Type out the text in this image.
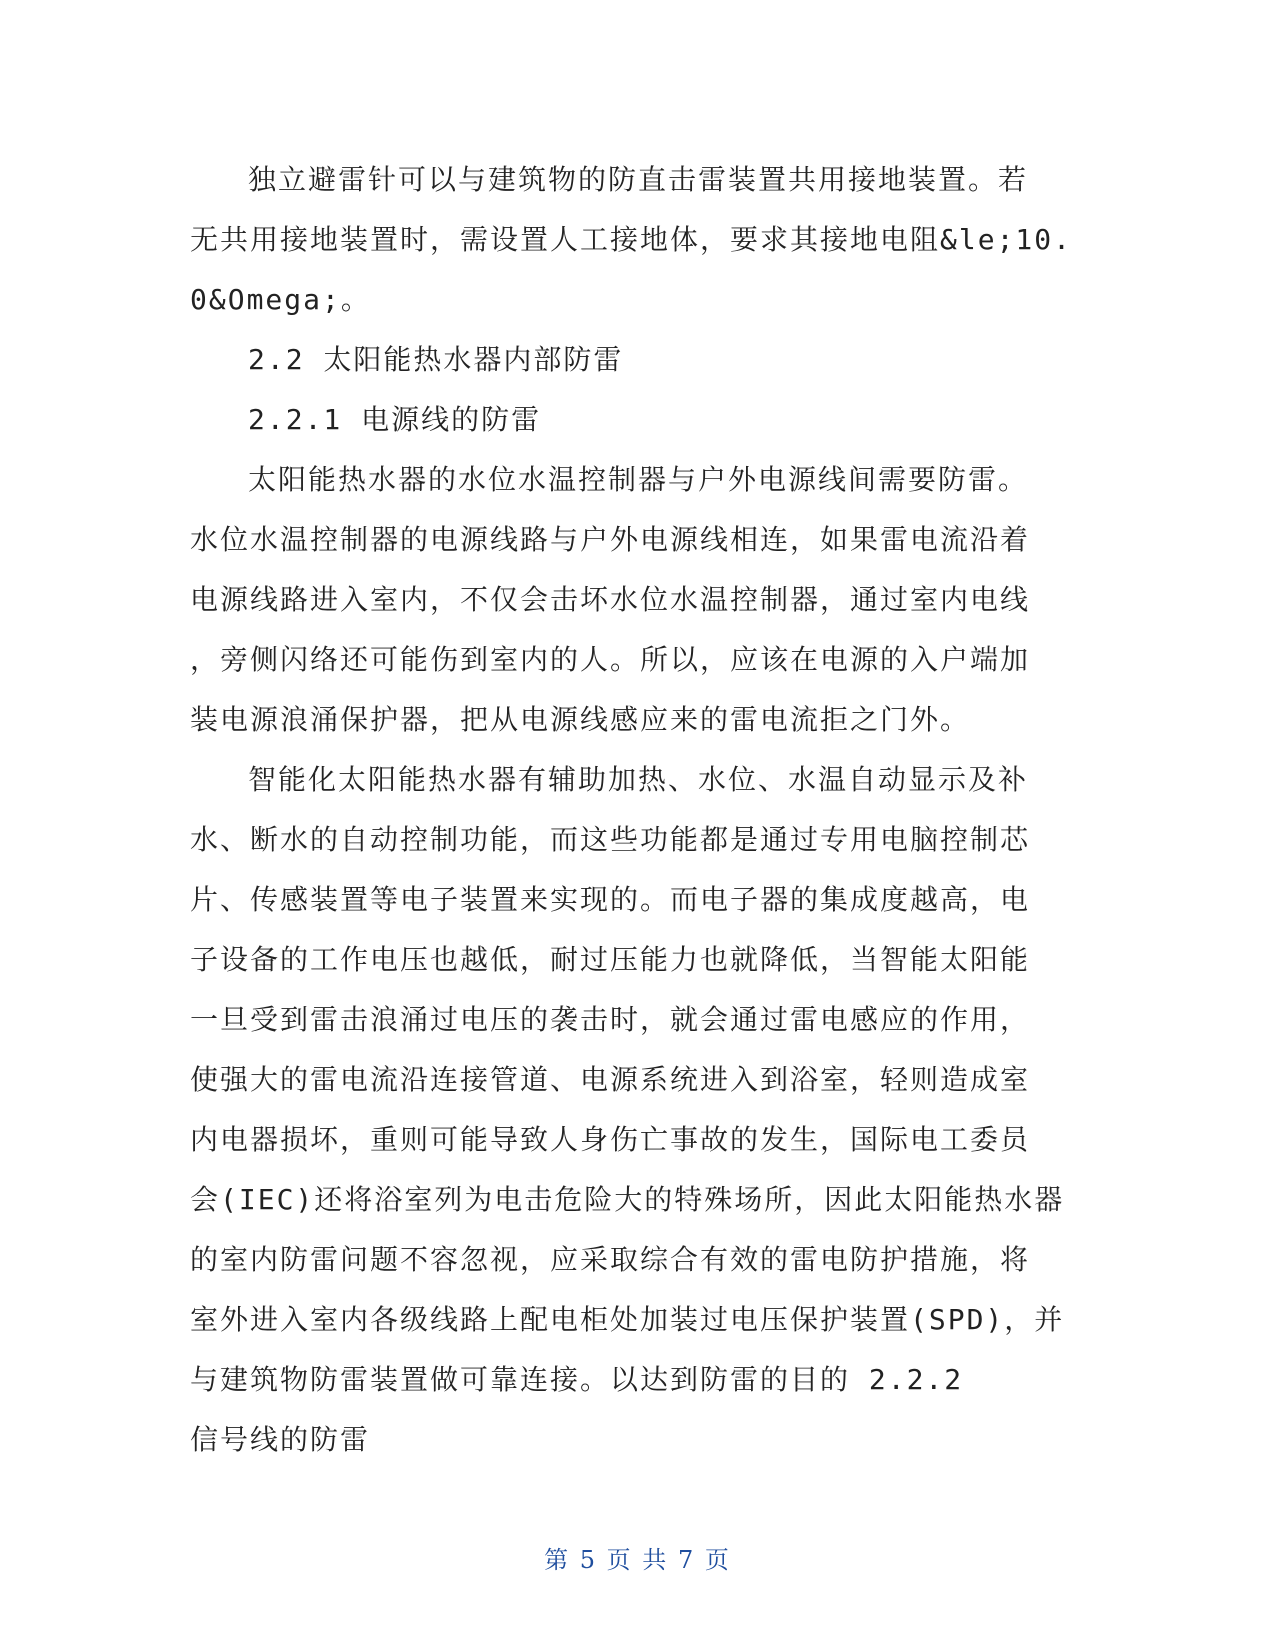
独立避雷针可以与建筑物的防直击雷装置共用接地装置。若
无共用接地装置时，需设置人工接地体，要求其接地电阻&le;10.
0&Omega;。
2.2 太阳能热水器内部防雷
2.2.1 电源线的防雷
太阳能热水器的水位水温控制器与户外电源线间需要防雷。
水位水温控制器的电源线路与户外电源线相连，如果雷电流沿着
电源线路进入室内，不仅会击坏水位水温控制器，通过室内电线
，旁侧闪络还可能伤到室内的人。所以，应该在电源的入户端加
装电源浪涌保护器，把从电源线感应来的雷电流拒之门外。
智能化太阳能热水器有辅助加热、水位、水温自动显示及补
水、断水的自动控制功能，而这些功能都是通过专用电脑控制芯
片、传感装置等电子装置来实现的。而电子器的集成度越高，电
子设备的工作电压也越低，耐过压能力也就降低，当智能太阳能
一旦受到雷击浪涌过电压的袭击时，就会通过雷电感应的作用，
使强大的雷电流沿连接管道、电源系统进入到浴室，轻则造成室
内电器损坏，重则可能导致人身伤亡事故的发生，国际电工委员
会(IEC)还将浴室列为电击危险大的特殊场所，因此太阳能热水器
的室内防雷问题不容忽视，应采取综合有效的雷电防护措施，将
室外进入室内各级线路上配电柜处加装过电压保护装置(SPD)，并
与建筑物防雷装置做可靠连接。以达到防雷的目的 2.2.2
信号线的防雷
第 5 页 共 7 页
